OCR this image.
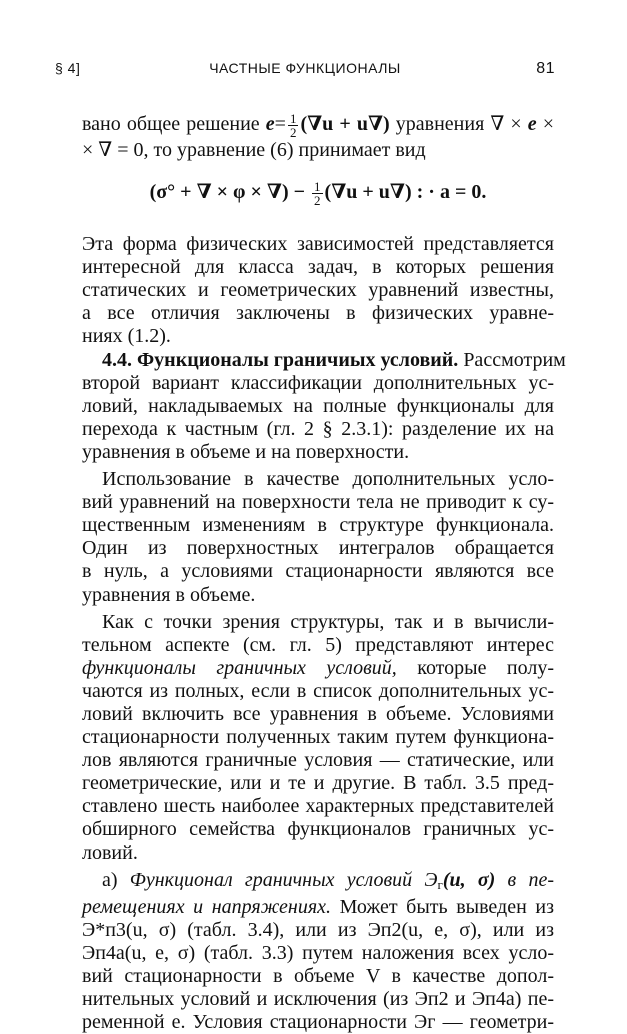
§ 4]	ЧАСТНЫЕ ФУНКЦИОНАЛЫ	81

вано общее решение $e= \frac{1}{2} (\nabla u + u\nabla)$ уравнения ∇ × e ×
× ∇ = 0, то уравнение (6) принимает вид

(σ° + ∇ × φ × ∇) − $\frac{1}{2} (\nabla u + u\nabla)$ : · a = 0.

Эта форма физических зависимостей представляется
интересной для класса задач, в которых решения
статических и геометрических уравнений известны,
а все отличия заключены в физических уравне-
ниях (1.2).

 4.4. Функционалы граничиых условий. Рассмотрим
второй вариант классификации дополнительных ус-
ловий, накладываемых на полные функционалы для
перехода к частным (гл. 2 § 2.3.1): разделение их на
уравнения в объеме и на поверхности.

 Использование в качестве дополнительных усло-
вий уравнений на поверхности тела не приводит к су-
щественным изменениям в структуре функционала.
Один из поверхностных интегралов обращается
в нуль, а условиями стационарности являются все
уравнения в объеме.

 Как с точки зрения структуры, так и в вычисли-
тельном аспекте (см. гл. 5) представляют интерес
функционалы граничных условий, которые полу-
чаются из полных, если в список дополнительных ус-
ловий включить все уравнения в объеме. Условиями
стационарности полученных таким путем функциона-
лов являются граничные условия — статические, или
геометрические, или и те и другие. В табл. 3.5 пред-
ставлено шесть наиболее характерных представителей
обширного семейства функционалов граничных ус-
ловий.

 а) Функционал граничных условий $Э_г(u$, σ) в пе-
ремещениях и напряжениях. Может быть выведен из
Э*п3(u, σ) (табл. 3.4), или из Эп2(u, e, σ), или из
Эп4а(u, e, σ) (табл. 3.3) путем наложения всех усло-
вий стационарности в объеме V в качестве допол-
нительных условий и исключения (из Эп2 и Эп4а) пе-
ременной e. Условия стационарности Эг — геометри-
